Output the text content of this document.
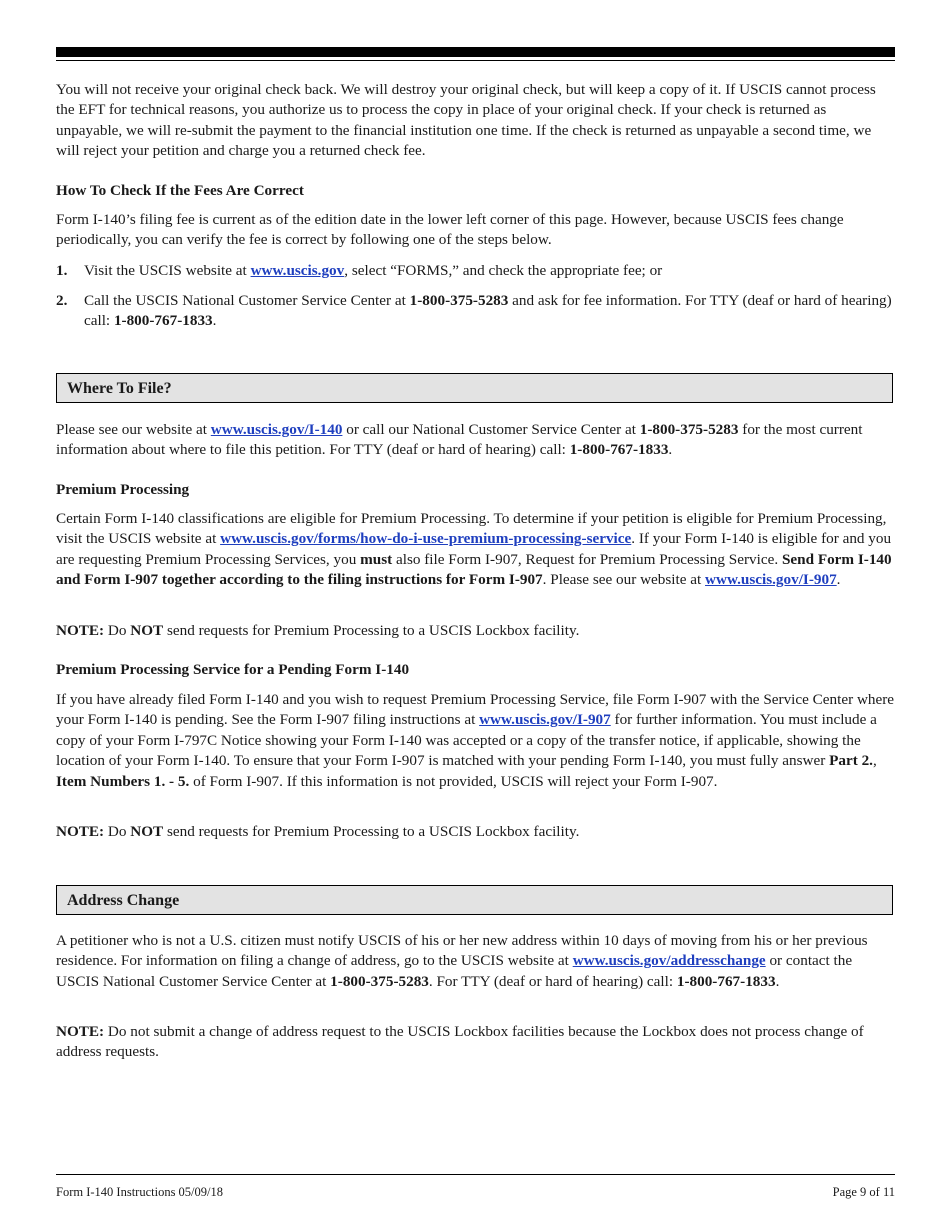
You will not receive your original check back. We will destroy your original check, but will keep a copy of it. If USCIS cannot process the EFT for technical reasons, you authorize us to process the copy in place of your original check. If your check is returned as unpayable, we will re-submit the payment to the financial institution one time. If the check is returned as unpayable a second time, we will reject your petition and charge you a returned check fee.

How To Check If the Fees Are Correct

Form I-140’s filing fee is current as of the edition date in the lower left corner of this page. However, because USCIS fees change periodically, you can verify the fee is correct by following one of the steps below.

1.	Visit the USCIS website at www.uscis.gov, select “FORMS,” and check the appropriate fee; or

2.	Call the USCIS National Customer Service Center at 1-800-375-5283 and ask for fee information. For TTY (deaf or hard of hearing) call: 1-800-767-1833.

Where To File?

Please see our website at www.uscis.gov/I-140 or call our National Customer Service Center at 1-800-375-5283 for the most current information about where to file this petition. For TTY (deaf or hard of hearing) call: 1-800-767-1833.

Premium Processing

Certain Form I-140 classifications are eligible for Premium Processing. To determine if your petition is eligible for Premium Processing, visit the USCIS website at www.uscis.gov/forms/how-do-i-use-premium-processing-service. If your Form I-140 is eligible for and you are requesting Premium Processing Services, you must also file Form I-907, Request for Premium Processing Service. Send Form I-140 and Form I-907 together according to the filing instructions for Form I-907. Please see our website at www.uscis.gov/I-907.

NOTE: Do NOT send requests for Premium Processing to a USCIS Lockbox facility.

Premium Processing Service for a Pending Form I-140

If you have already filed Form I-140 and you wish to request Premium Processing Service, file Form I-907 with the Service Center where your Form I-140 is pending. See the Form I-907 filing instructions at www.uscis.gov/I-907 for further information. You must include a copy of your Form I-797C Notice showing your Form I-140 was accepted or a copy of the transfer notice, if applicable, showing the location of your Form I-140. To ensure that your Form I-907 is matched with your pending Form I-140, you must fully answer Part 2., Item Numbers 1. - 5. of Form I-907. If this information is not provided, USCIS will reject your Form I-907.

NOTE: Do NOT send requests for Premium Processing to a USCIS Lockbox facility.

Address Change

A petitioner who is not a U.S. citizen must notify USCIS of his or her new address within 10 days of moving from his or her previous residence. For information on filing a change of address, go to the USCIS website at www.uscis.gov/addresschange or contact the USCIS National Customer Service Center at 1-800-375-5283. For TTY (deaf or hard of hearing) call: 1-800-767-1833.

NOTE: Do not submit a change of address request to the USCIS Lockbox facilities because the Lockbox does not process change of address requests.

Form I-140 Instructions 05/09/18	Page 9 of 11
